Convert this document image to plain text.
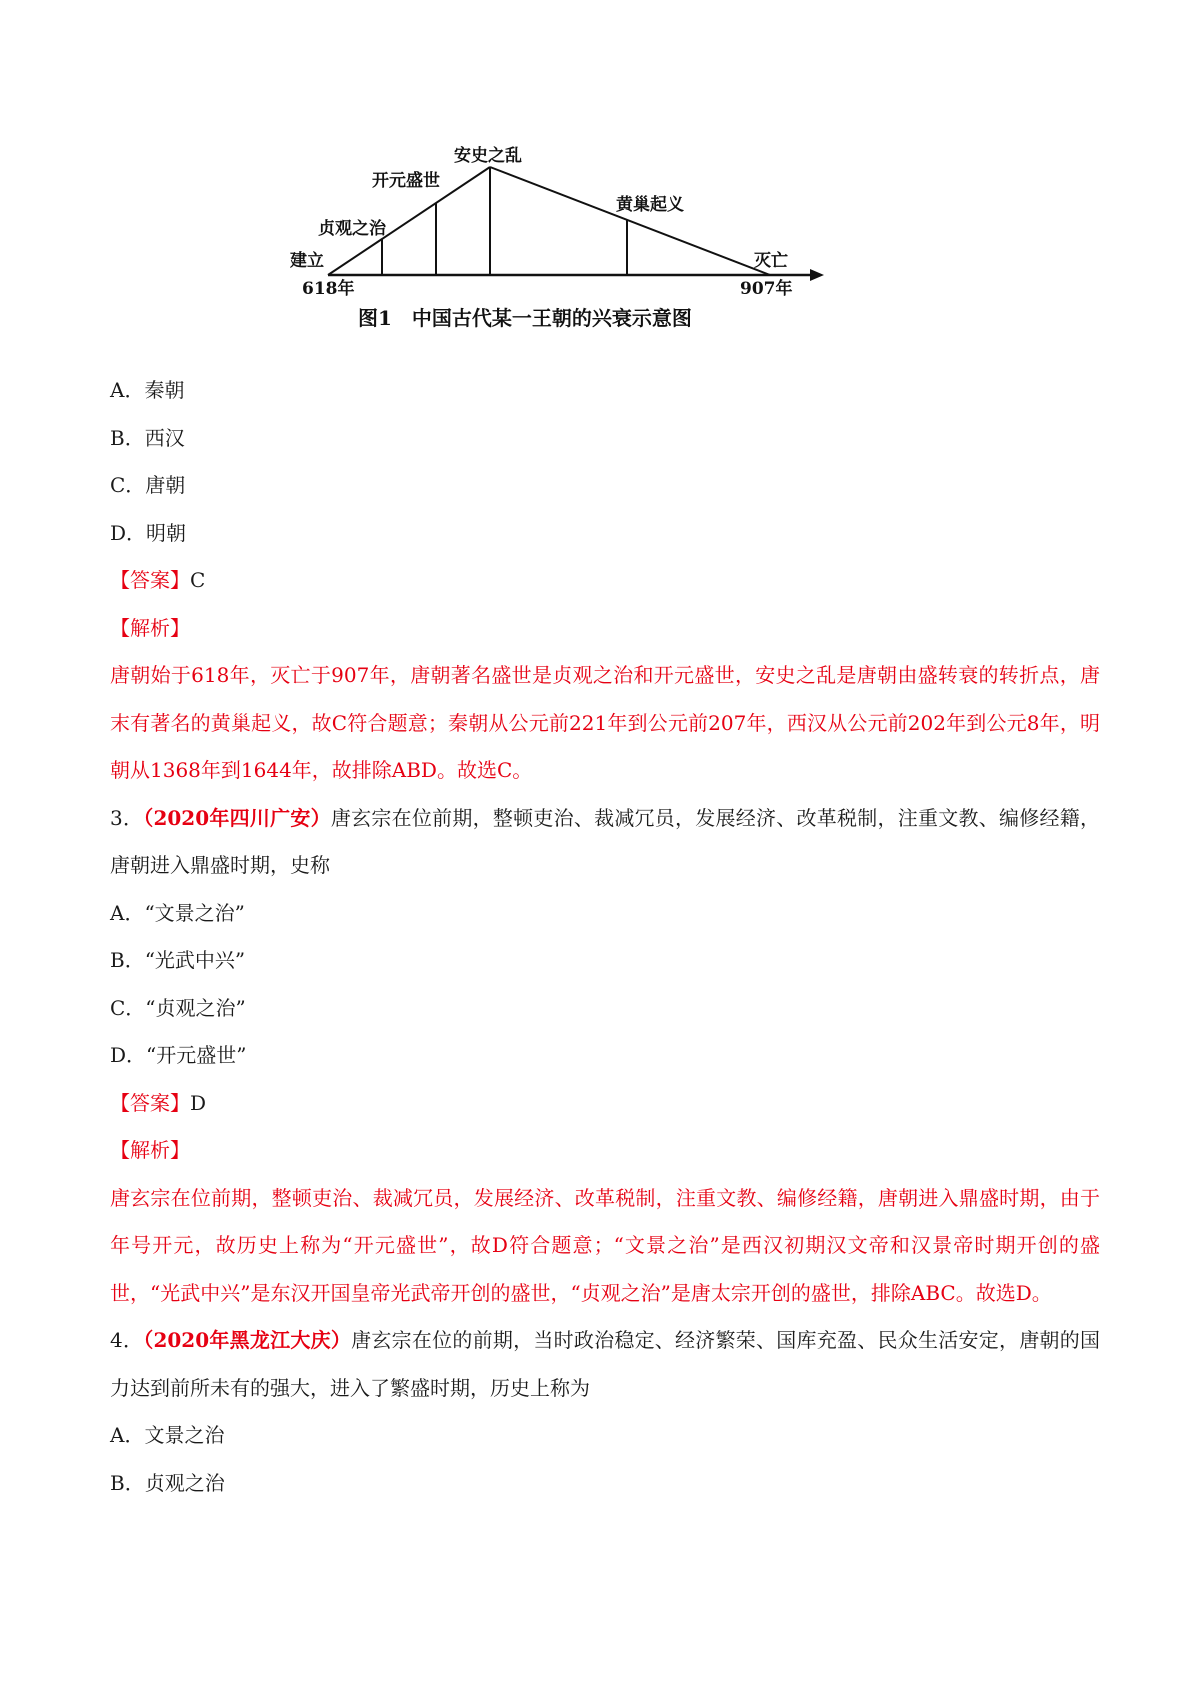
建立
618年
贞观之治
开元盛世
安史之乱
黄巢起义
灭亡
907年
图1　中国古代某一王朝的兴衰示意图

A．秦朝

B．西汉

C．唐朝

D．明朝

【答案】C

【解析】

唐朝始于618年，灭亡于907年，唐朝著名盛世是贞观之治和开元盛世，安史之乱是唐朝由盛转衰的转折点，唐末有著名的黄巢起义，故C符合题意；秦朝从公元前221年到公元前207年，西汉从公元前202年到公元8年，明朝从1368年到1644年，故排除ABD。故选C。

3．（2020年四川广安）唐玄宗在位前期，整顿吏治、裁减冗员，发展经济、改革税制，注重文教、编修经籍，唐朝进入鼎盛时期，史称

A．“文景之治”

B．“光武中兴”

C．“贞观之治”

D．“开元盛世”

【答案】D

【解析】

唐玄宗在位前期，整顿吏治、裁减冗员，发展经济、改革税制，注重文教、编修经籍，唐朝进入鼎盛时期，由于年号开元，故历史上称为“开元盛世”，故D符合题意；“文景之治”是西汉初期汉文帝和汉景帝时期开创的盛世，“光武中兴”是东汉开国皇帝光武帝开创的盛世，“贞观之治”是唐太宗开创的盛世，排除ABC。故选D。

4．（2020年黑龙江大庆）唐玄宗在位的前期，当时政治稳定、经济繁荣、国库充盈、民众生活安定，唐朝的国力达到前所未有的强大，进入了繁盛时期，历史上称为

A．文景之治

B．贞观之治
